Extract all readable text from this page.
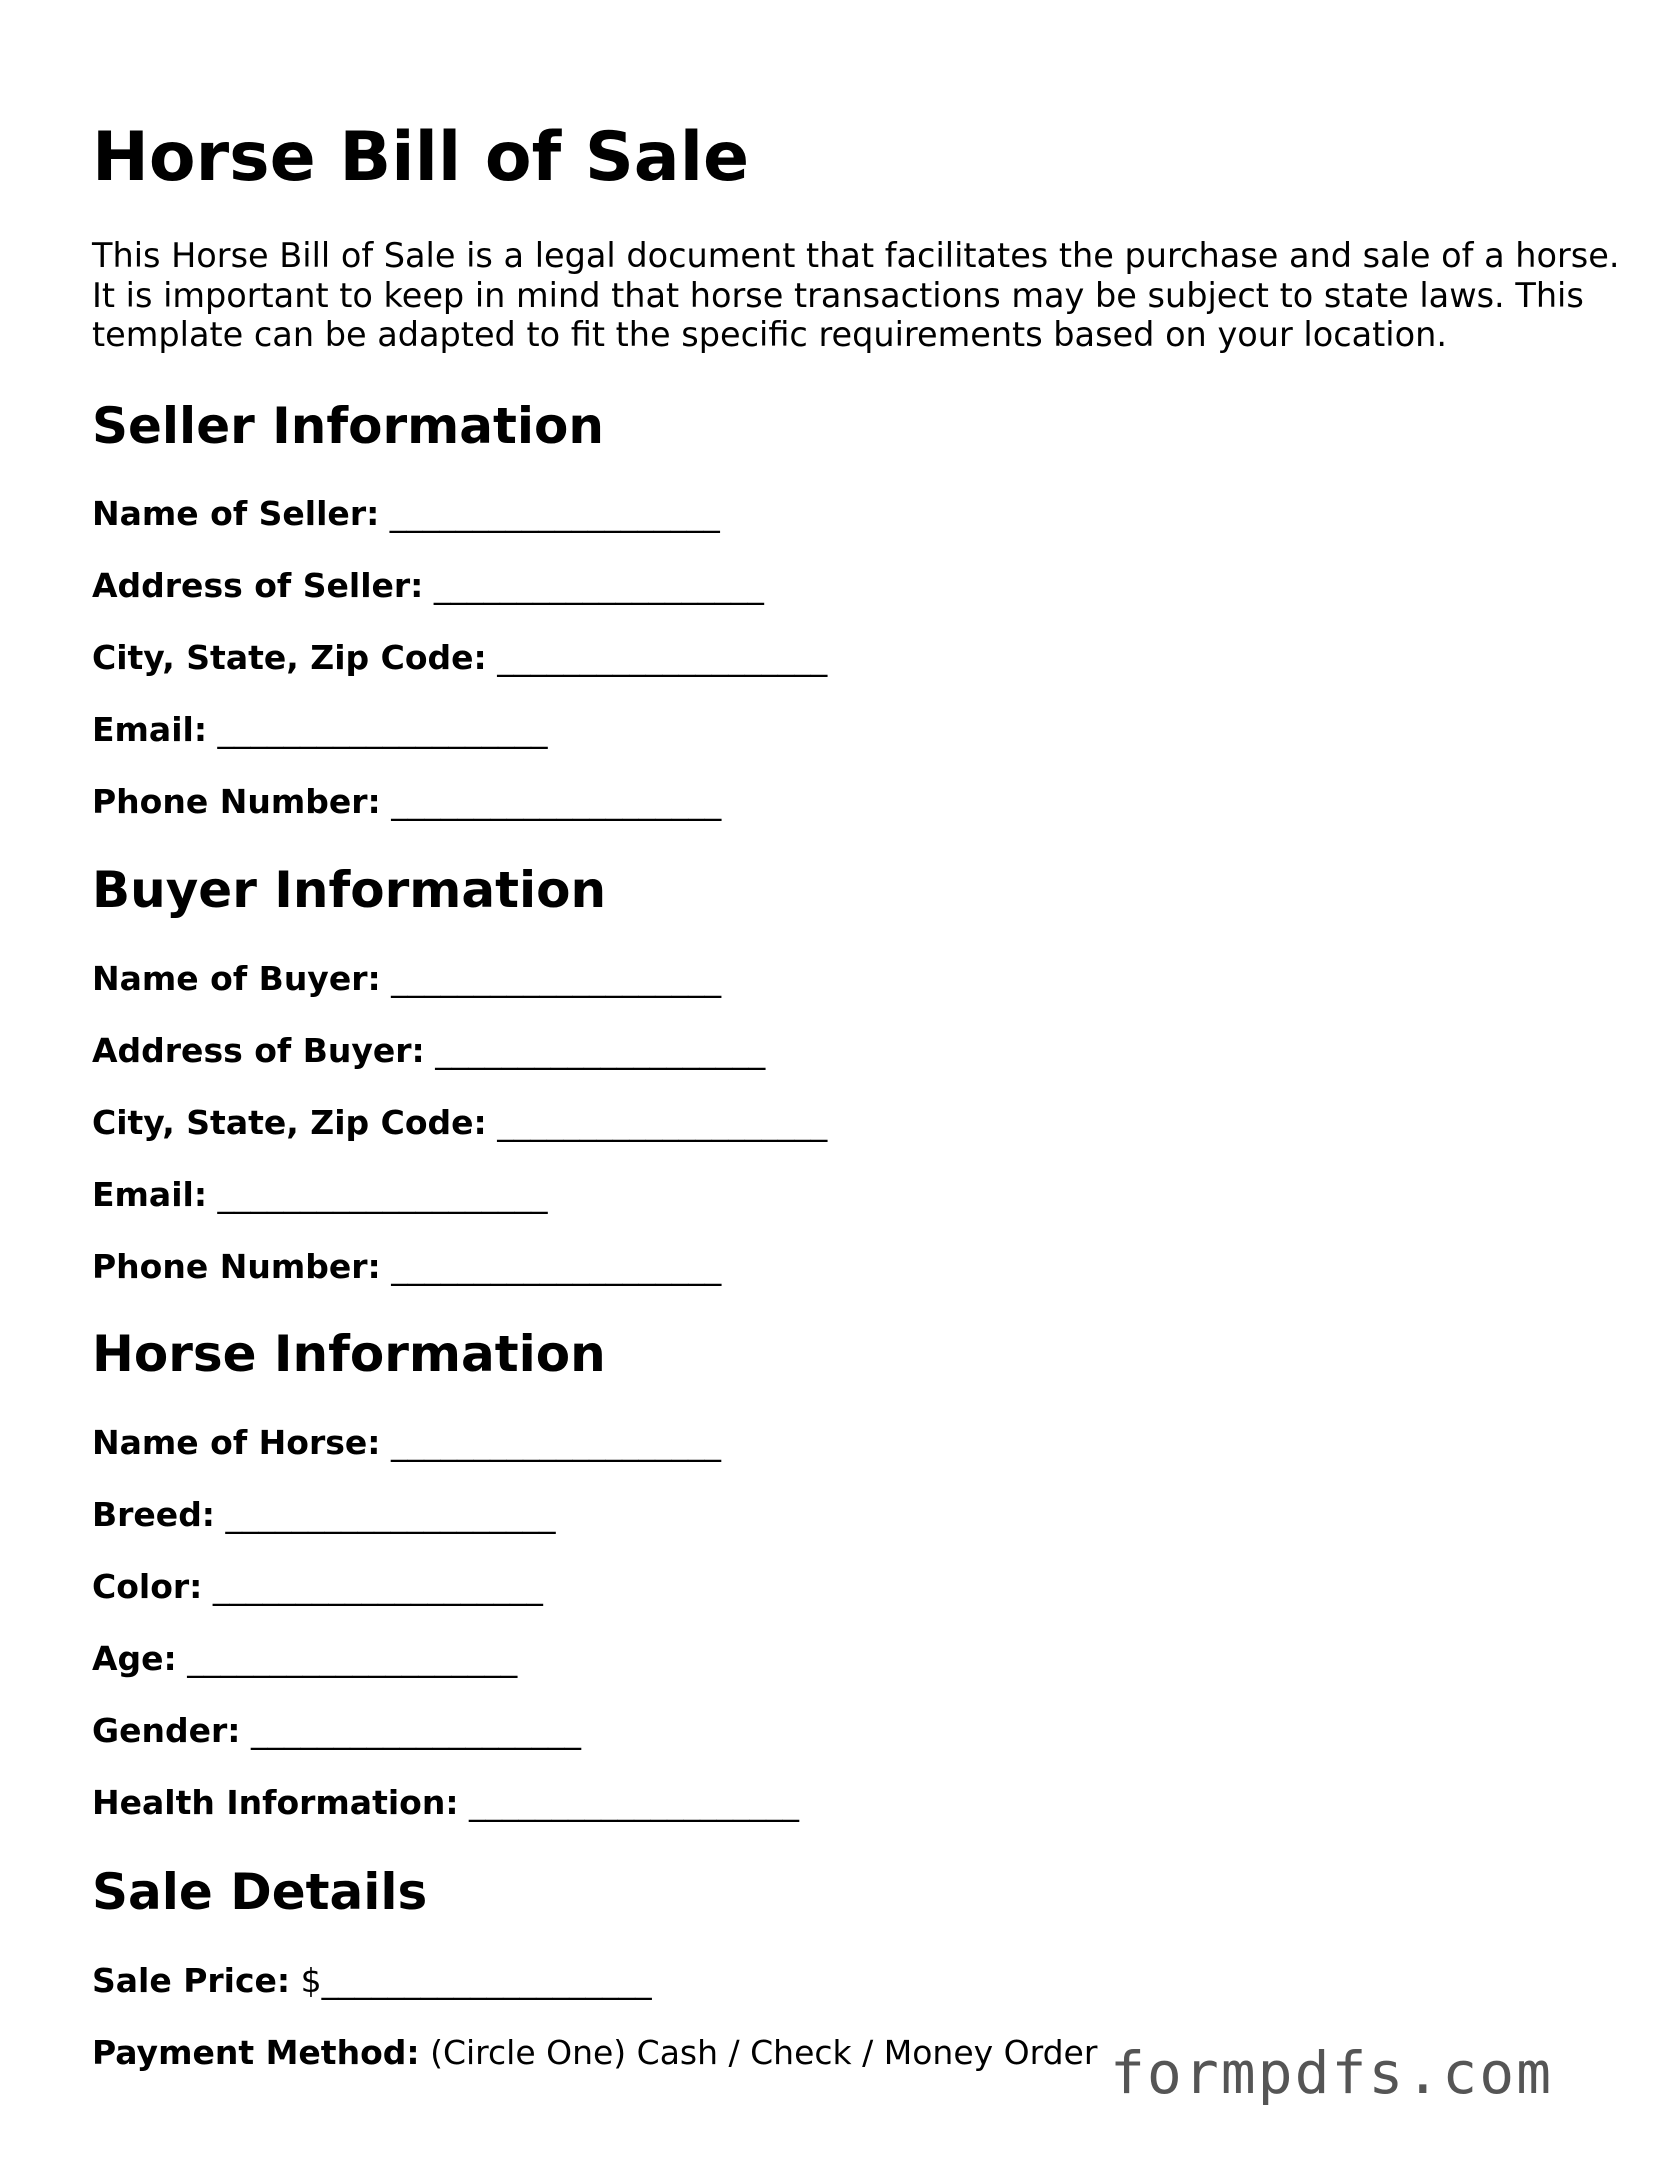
Horse Bill of Sale

This Horse Bill of Sale is a legal document that facilitates the purchase and sale of a horse.
It is important to keep in mind that horse transactions may be subject to state laws. This
template can be adapted to fit the specific requirements based on your location.

Seller Information
Name of Seller: ____________________
Address of Seller: ____________________
City, State, Zip Code: ____________________
Email: ____________________
Phone Number: ____________________
Buyer Information
Name of Buyer: ____________________
Address of Buyer: ____________________
City, State, Zip Code: ____________________
Email: ____________________
Phone Number: ____________________
Horse Information
Name of Horse: ____________________
Breed: ____________________
Color: ____________________
Age: ____________________
Gender: ____________________
Health Information: ____________________
Sale Details
Sale Price: $____________________
Payment Method: (Circle One) Cash / Check / Money Order formpdfs.com
